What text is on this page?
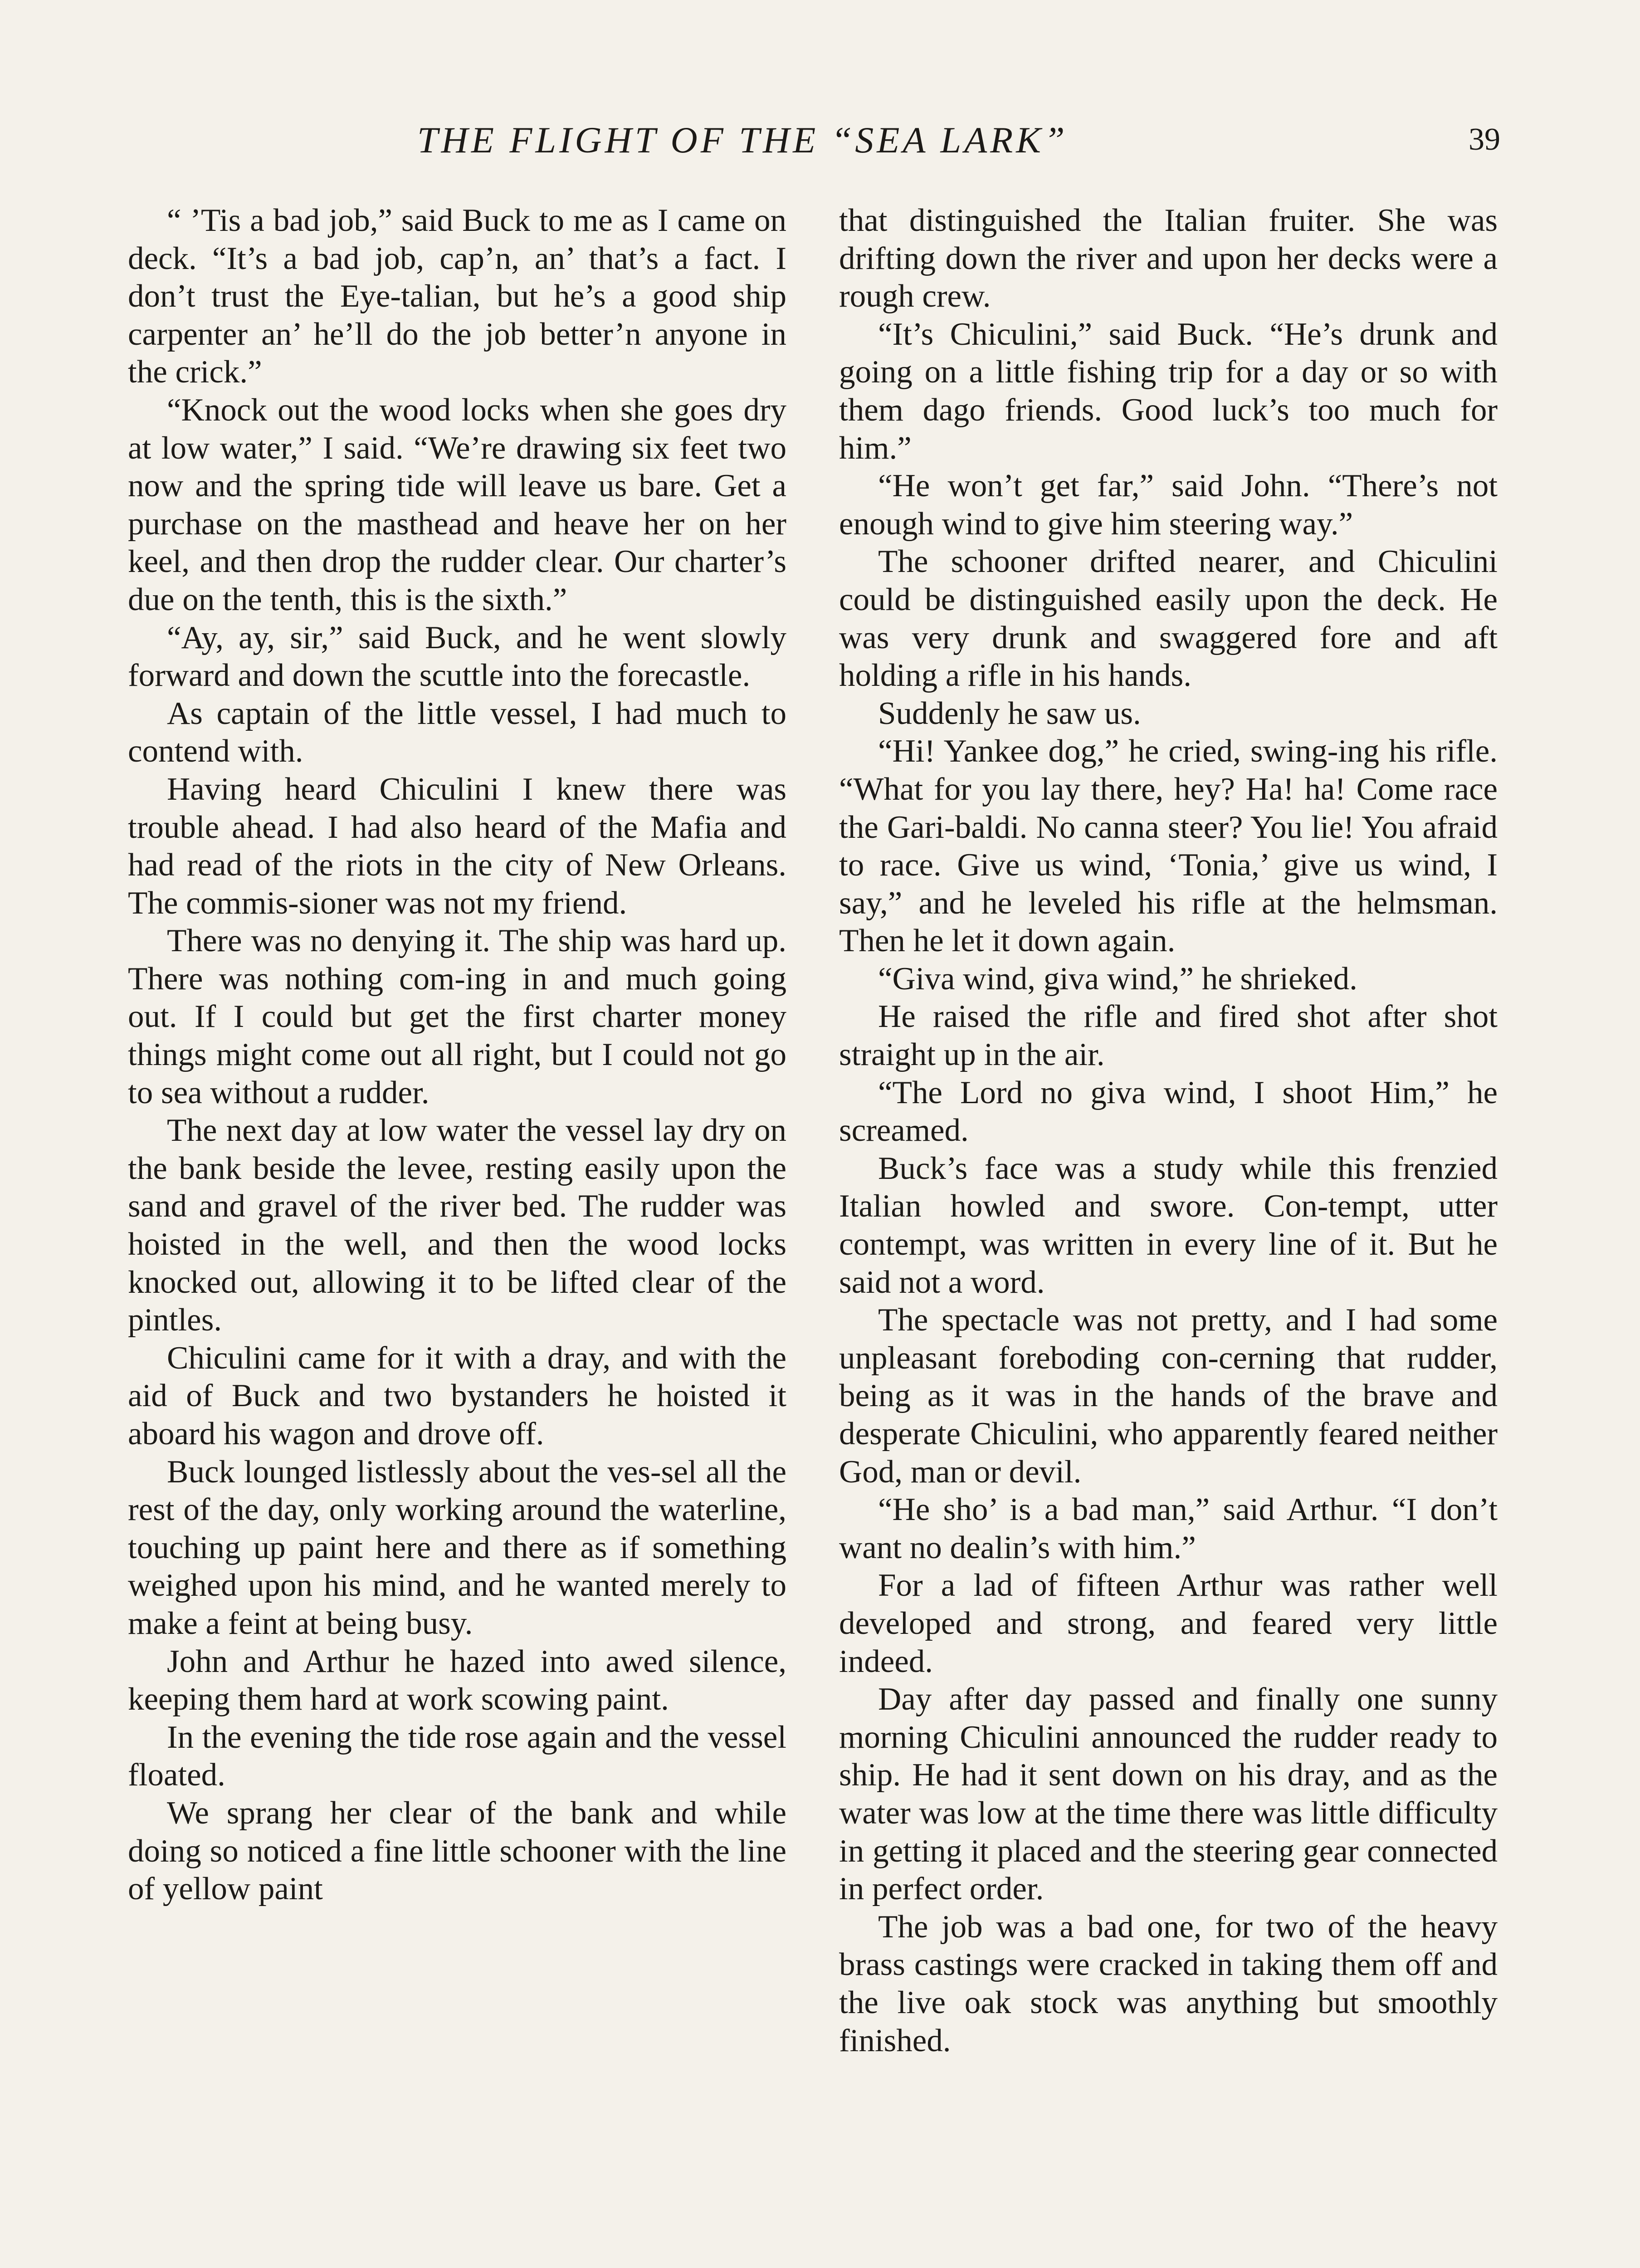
THE FLIGHT OF THE “SEA LARK”	39

“ ’Tis a bad job,” said Buck to me as I came on deck. “It’s a bad job, cap’n, an’ that’s a fact. I don’t trust the Eye-talian, but he’s a good ship carpenter an’ he’ll do the job better’n anyone in the crick.”

“Knock out the wood locks when she goes dry at low water,” I said. “We’re drawing six feet two now and the spring tide will leave us bare. Get a purchase on the masthead and heave her on her keel, and then drop the rudder clear. Our charter’s due on the tenth, this is the sixth.”

“Ay, ay, sir,” said Buck, and he went slowly forward and down the scuttle into the forecastle.

As captain of the little vessel, I had much to contend with.

Having heard Chiculini I knew there was trouble ahead. I had also heard of the Mafia and had read of the riots in the city of New Orleans. The commis-sioner was not my friend.

There was no denying it. The ship was hard up. There was nothing com-ing in and much going out. If I could but get the first charter money things might come out all right, but I could not go to sea without a rudder.

The next day at low water the vessel lay dry on the bank beside the levee, resting easily upon the sand and gravel of the river bed. The rudder was hoisted in the well, and then the wood locks knocked out, allowing it to be lifted clear of the pintles.

Chiculini came for it with a dray, and with the aid of Buck and two bystanders he hoisted it aboard his wagon and drove off.

Buck lounged listlessly about the ves-sel all the rest of the day, only working around the waterline, touching up paint here and there as if something weighed upon his mind, and he wanted merely to make a feint at being busy.

John and Arthur he hazed into awed silence, keeping them hard at work scowing paint.

In the evening the tide rose again and the vessel floated.

We sprang her clear of the bank and while doing so noticed a fine little schooner with the line of yellow paint

that distinguished the Italian fruiter. She was drifting down the river and upon her decks were a rough crew.

“It’s Chiculini,” said Buck. “He’s drunk and going on a little fishing trip for a day or so with them dago friends. Good luck’s too much for him.”

“He won’t get far,” said John. “There’s not enough wind to give him steering way.”

The schooner drifted nearer, and Chiculini could be distinguished easily upon the deck. He was very drunk and swaggered fore and aft holding a rifle in his hands.

Suddenly he saw us.

“Hi! Yankee dog,” he cried, swing-ing his rifle. “What for you lay there, hey? Ha! ha! Come race the Gari-baldi. No canna steer? You lie! You afraid to race. Give us wind, ‘Tonia,’ give us wind, I say,” and he leveled his rifle at the helmsman. Then he let it down again.

“Giva wind, giva wind,” he shrieked.

He raised the rifle and fired shot after shot straight up in the air.

“The Lord no giva wind, I shoot Him,” he screamed.

Buck’s face was a study while this frenzied Italian howled and swore. Con-tempt, utter contempt, was written in every line of it. But he said not a word.

The spectacle was not pretty, and I had some unpleasant foreboding con-cerning that rudder, being as it was in the hands of the brave and desperate Chiculini, who apparently feared neither God, man or devil.

“He sho’ is a bad man,” said Arthur. “I don’t want no dealin’s with him.”

For a lad of fifteen Arthur was rather well developed and strong, and feared very little indeed.

Day after day passed and finally one sunny morning Chiculini announced the rudder ready to ship. He had it sent down on his dray, and as the water was low at the time there was little difficulty in getting it placed and the steering gear connected in perfect order.

The job was a bad one, for two of the heavy brass castings were cracked in taking them off and the live oak stock was anything but smoothly finished.
